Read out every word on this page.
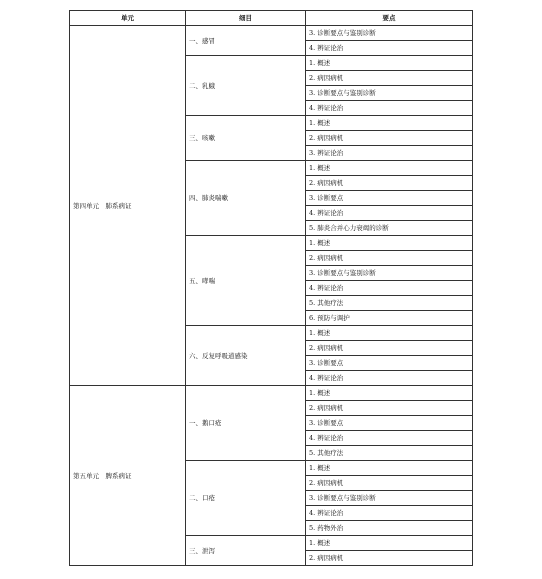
单元	细目	要点
第四单元　肺系病证	一、感冒	3. 诊断要点与鉴别诊断
		4. 辨证论治
	二、乳蛾	1. 概述
		2. 病因病机
		3. 诊断要点与鉴别诊断
		4. 辨证论治
	三、咳嗽	1. 概述
		2. 病因病机
		3. 辨证论治
	四、肺炎喘嗽	1. 概述
		2. 病因病机
		3. 诊断要点
		4. 辨证论治
		5. 肺炎合并心力衰竭的诊断
	五、哮喘	1. 概述
		2. 病因病机
		3. 诊断要点与鉴别诊断
		4. 辨证论治
		5. 其他疗法
		6. 预防与调护
	六、反复呼吸道感染	1. 概述
		2. 病因病机
		3. 诊断要点
		4. 辨证论治
第五单元　脾系病证	一、鹅口疮	1. 概述
		2. 病因病机
		3. 诊断要点
		4. 辨证论治
		5. 其他疗法
	二、口疮	1. 概述
		2. 病因病机
		3. 诊断要点与鉴别诊断
		4. 辨证论治
		5. 药物外治
	三、泄泻	1. 概述
		2. 病因病机
